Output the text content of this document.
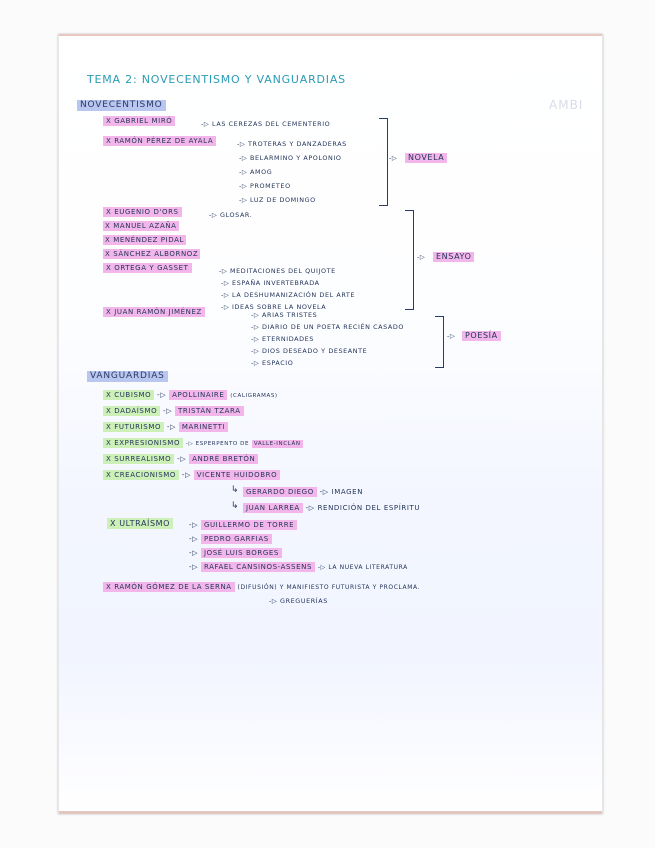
AMBI
TEMA 2: NOVECENTISMO Y VANGUARDIAS
NOVECENTISMO
X GABRIEL MIRÓ	-▷ LAS CEREZAS DEL CEMENTERIO
X RAMÓN PÉREZ DE AYALA	-▷ TROTERAS Y DANZADERAS
-▷ BELARMINO Y APOLONIO
-▷ AMOG
-▷ PROMETEO
-▷ LUZ DE DOMINGO
-▷	NOVELA
X EUGENIO D'ORS	-▷ GLOSAR.
X MANUEL AZAÑA
X MENÉNDEZ PIDAL
X SÁNCHEZ ALBORNOZ
X ORTEGA Y GASSET	-▷ MEDITACIONES DEL QUIJOTE
-▷ ESPAÑA INVERTEBRADA
-▷ LA DESHUMANIZACIÓN DEL ARTE
-▷ IDEAS SOBRE LA NOVELA
-▷	ENSAYO
X JUAN RAMÓN JIMÉNEZ	-▷ ARIAS TRISTES
-▷ DIARIO DE UN POETA RECIÉN CASADO
-▷ ETERNIDADES
-▷ DIOS DESEADO Y DESEANTE
-▷ ESPACIO
-▷	POESÍA
VANGUARDIAS
X CUBISMO -▷ APOLLINAIRE (CALIGRAMAS)
X DADAÍSMO -▷ TRISTÁN TZARA
X FUTURISMO -▷ MARINETTI
X EXPRESIONISMO -▷ ESPERPENTO DE VALLE-INCLÁN
X SURREALISMO -▷ ANDRÉ BRETÓN
X CREACIONISMO -▷ VICENTE HUIDOBRO
↳ GERARDO DIEGO -▷ IMAGEN
↳ JUAN LARREA -▷ RENDICIÓN DEL ESPÍRITU
X ULTRAÍSMO	-▷ GUILLERMO DE TORRE
-▷ PEDRO GARFIAS
-▷ JOSÉ LUIS BORGES
-▷ RAFAEL CANSINOS-ASSENS -▷ LA NUEVA LITERATURA
X RAMÓN GÓMEZ DE LA SERNA (DIFUSIÓN) Y MANIFIESTO FUTURISTA Y PROCLAMA.
-▷ GREGUERÍAS
